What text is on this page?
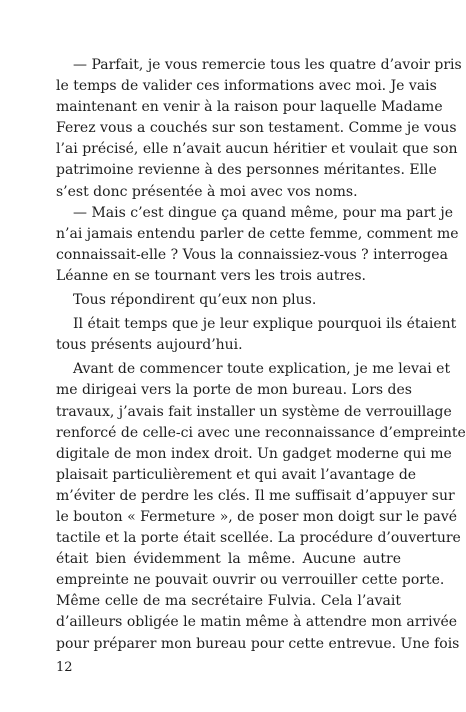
— Parfait, je vous remercie tous les quatre d’avoir pris
le temps de valider ces informations avec moi. Je vais
maintenant en venir à la raison pour laquelle Madame
Ferez vous a couchés sur son testament. Comme je vous
l’ai précisé, elle n’avait aucun héritier et voulait que son
patrimoine revienne à des personnes méritantes. Elle
s’est donc présentée à moi avec vos noms.

— Mais c’est dingue ça quand même, pour ma part je
n’ai jamais entendu parler de cette femme, comment me
connaissait-elle ? Vous la connaissiez-vous ? interrogea
Léanne en se tournant vers les trois autres.

Tous répondirent qu’eux non plus.

Il était temps que je leur explique pourquoi ils étaient
tous présents aujourd’hui.

Avant de commencer toute explication, je me levai et
me dirigeai vers la porte de mon bureau. Lors des
travaux, j’avais fait installer un système de verrouillage
renforcé de celle-ci avec une reconnaissance d’empreinte
digitale de mon index droit. Un gadget moderne qui me
plaisait particulièrement et qui avait l’avantage de
m’éviter de perdre les clés. Il me suffisait d’appuyer sur
le bouton « Fermeture », de poser mon doigt sur le pavé
tactile et la porte était scellée. La procédure d’ouverture
était bien évidemment la même. Aucune autre
empreinte ne pouvait ouvrir ou verrouiller cette porte.
Même celle de ma secrétaire Fulvia. Cela l’avait
d’ailleurs obligée le matin même à attendre mon arrivée
pour préparer mon bureau pour cette entrevue. Une fois

12
